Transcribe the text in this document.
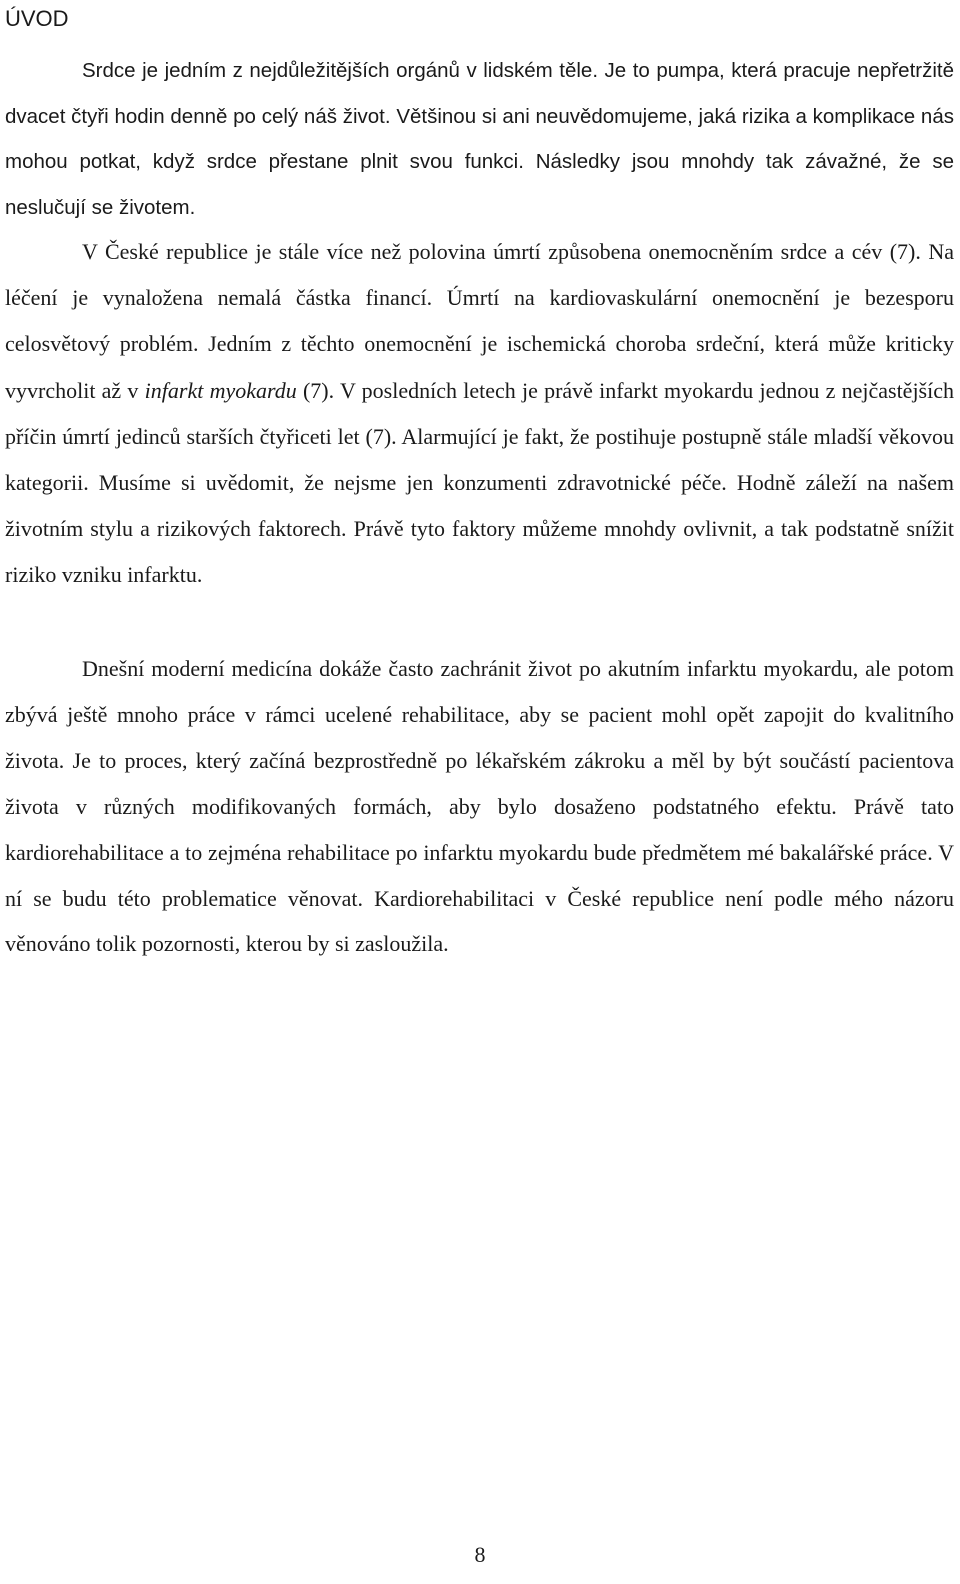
ÚVOD

Srdce je jedním z nejdůležitějších orgánů v lidském těle. Je to pumpa, která pracuje nepřetržitě dvacet čtyři hodin denně po celý náš život. Většinou si ani neuvědomujeme, jaká rizika a komplikace nás mohou potkat, když srdce přestane plnit svou funkci. Následky jsou mnohdy tak závažné, že se neslučují se životem.

V České republice je stále více než polovina úmrtí způsobena onemocněním srdce a cév (7). Na léčení je vynaložena nemalá částka financí. Úmrtí na kardiovaskulární onemocnění je bezesporu celosvětový problém. Jedním z těchto onemocnění je ischemická choroba srdeční, která může kriticky vyvrcholit až v infarkt myokardu (7). V posledních letech je právě infarkt myokardu jednou z nejčastějších příčin úmrtí jedinců starších čtyřiceti let (7). Alarmující je fakt, že postihuje postupně stále mladší věkovou kategorii. Musíme si uvědomit, že nejsme jen konzumenti zdravotnické péče. Hodně záleží na našem životním stylu a rizikových faktorech. Právě tyto faktory můžeme mnohdy ovlivnit, a tak podstatně snížit riziko vzniku infarktu.

Dnešní moderní medicína dokáže často zachránit život po akutním infarktu myokardu, ale potom zbývá ještě mnoho práce v rámci ucelené rehabilitace, aby se pacient mohl opět zapojit do kvalitního života. Je to proces, který začíná bezprostředně po lékařském zákroku a měl by být součástí pacientova života v různých modifikovaných formách, aby bylo dosaženo podstatného efektu. Právě tato kardiorehabilitace a to zejména rehabilitace po infarktu myokardu bude předmětem mé bakalářské práce. V ní se budu této problematice věnovat. Kardiorehabilitaci v České republice není podle mého názoru věnováno tolik pozornosti, kterou by si zasloužila.

8
